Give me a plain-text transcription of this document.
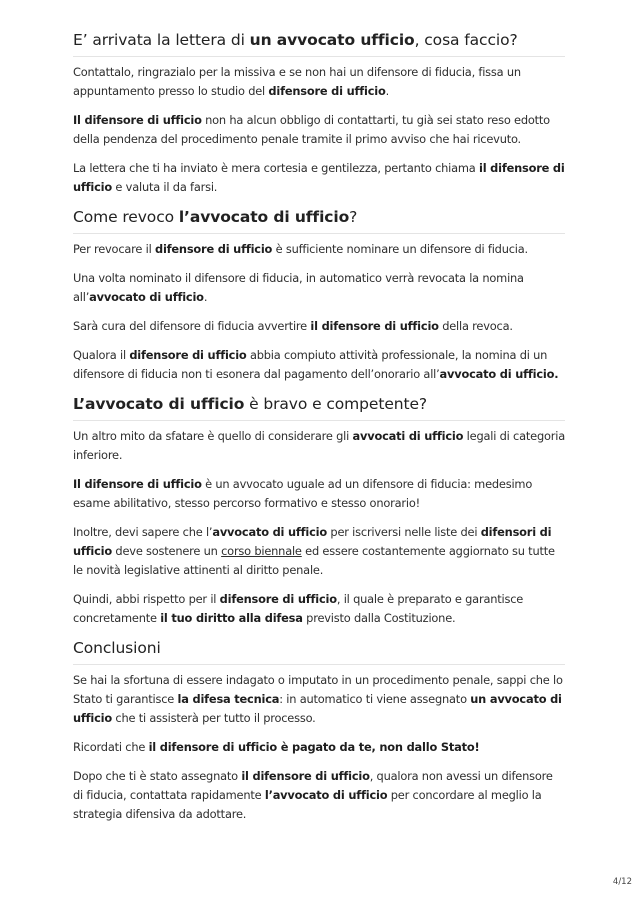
E’ arrivata la lettera di un avvocato ufficio, cosa faccio?

Contattalo, ringrazialo per la missiva e se non hai un difensore di fiducia, fissa un appuntamento presso lo studio del difensore di ufficio.

Il difensore di ufficio non ha alcun obbligo di contattarti, tu già sei stato reso edotto della pendenza del procedimento penale tramite il primo avviso che hai ricevuto.

La lettera che ti ha inviato è mera cortesia e gentilezza, pertanto chiama il difensore di ufficio e valuta il da farsi.

Come revoco l’avvocato di ufficio?

Per revocare il difensore di ufficio è sufficiente nominare un difensore di fiducia.

Una volta nominato il difensore di fiducia, in automatico verrà revocata la nomina all’avvocato di ufficio.

Sarà cura del difensore di fiducia avvertire il difensore di ufficio della revoca.

Qualora il difensore di ufficio abbia compiuto attività professionale, la nomina di un difensore di fiducia non ti esonera dal pagamento dell’onorario all’avvocato di ufficio.

L’avvocato di ufficio è bravo e competente?

Un altro mito da sfatare è quello di considerare gli avvocati di ufficio legali di categoria inferiore.

Il difensore di ufficio è un avvocato uguale ad un difensore di fiducia: medesimo esame abilitativo, stesso percorso formativo e stesso onorario!

Inoltre, devi sapere che l’avvocato di ufficio per iscriversi nelle liste dei difensori di ufficio deve sostenere un corso biennale ed essere costantemente aggiornato su tutte le novità legislative attinenti al diritto penale.

Quindi, abbi rispetto per il difensore di ufficio, il quale è preparato e garantisce concretamente il tuo diritto alla difesa previsto dalla Costituzione.

Conclusioni

Se hai la sfortuna di essere indagato o imputato in un procedimento penale, sappi che lo Stato ti garantisce la difesa tecnica: in automatico ti viene assegnato un avvocato di ufficio che ti assisterà per tutto il processo.

Ricordati che il difensore di ufficio è pagato da te, non dallo Stato!

Dopo che ti è stato assegnato il difensore di ufficio, qualora non avessi un difensore di fiducia, contattata rapidamente l’avvocato di ufficio per concordare al meglio la strategia difensiva da adottare.

4/12
